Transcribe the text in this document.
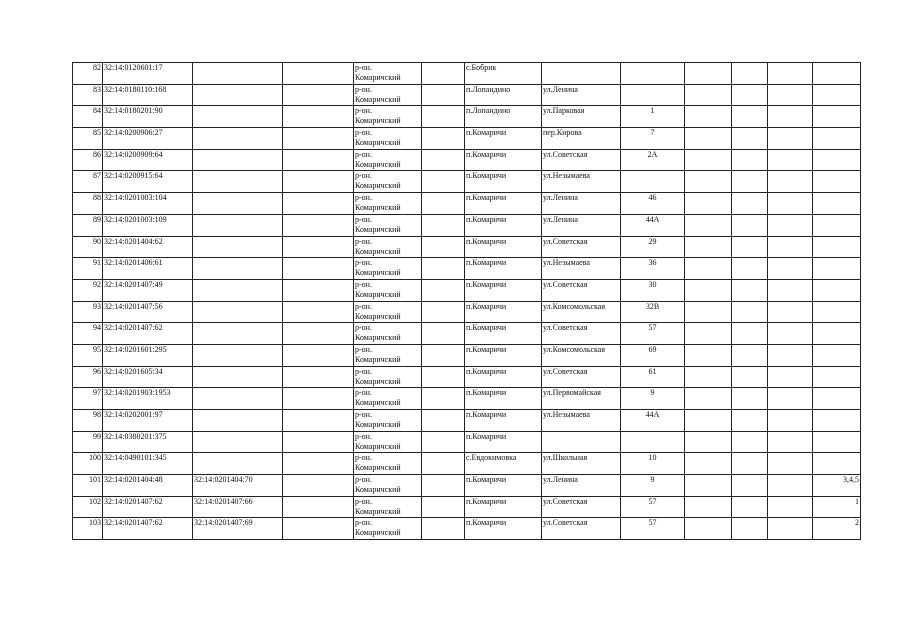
82	32:14:0120601:17			р-он.
Комаричский		с.Бобрик						
83	32:14:0180110:168			р-он.
Комаричский		п.Лопандино	ул.Ленина					
84	32:14:0180201:90			р-он.
Комаричский		п.Лопандино	ул.Парковая	1				
85	32:14:0200906:27			р-он.
Комаричский		п.Комаричи	пер.Кирова	7				
86	32:14:0200909:64			р-он.
Комаричский		п.Комаричи	ул.Советская	2А				
87	32:14:0200915:64			р-он.
Комаричский		п.Комаричи	ул.Незымаева					
88	32:14:0201003:104			р-он.
Комаричский		п.Комаричи	ул.Ленина	46				
89	32:14:0201003:109			р-он.
Комаричский		п.Комаричи	ул.Ленина	44А				
90	32:14:0201404:62			р-он.
Комаричский		п.Комаричи	ул.Советская	29				
91	32:14:0201406:61			р-он.
Комаричский		п.Комаричи	ул.Незымаева	36				
92	32:14:0201407:49			р-он.
Комаричский		п.Комаричи	ул.Советская	30				
93	32:14:0201407:56			р-он.
Комаричский		п.Комаричи	ул.Комсомольская	32В				
94	32:14:0201407:62			р-он.
Комаричский		п.Комаричи	ул.Советская	57				
95	32:14:0201601:295			р-он.
Комаричский		п.Комаричи	ул.Комсомольская	69				
96	32:14:0201605:34			р-он.
Комаричский		п.Комаричи	ул.Советская	61				
97	32:14:0201903:1953			р-он.
Комаричский		п.Комаричи	ул.Первомайская	9				
98	32:14:0202001:97			р-он.
Комаричский		п.Комаричи	ул.Незымаева	44А				
99	32:14:0380201:375			р-он.
Комаричский		п.Комаричи						
100	32:14:0490101:345			р-он.
Комаричский		с.Евдокимовка	ул.Школьная	10				
101	32:14:0201404:48	32:14:0201404:70		р-он.
Комаричский		п.Комаричи	ул.Ленина	9				3,4,5
102	32:14:0201407:62	32:14:0201407:66		р-он.
Комаричский		п.Комаричи	ул.Советская	57				1
103	32:14:0201407:62	32:14:0201407:69		р-он.
Комаричский		п.Комаричи	ул.Советская	57				2
